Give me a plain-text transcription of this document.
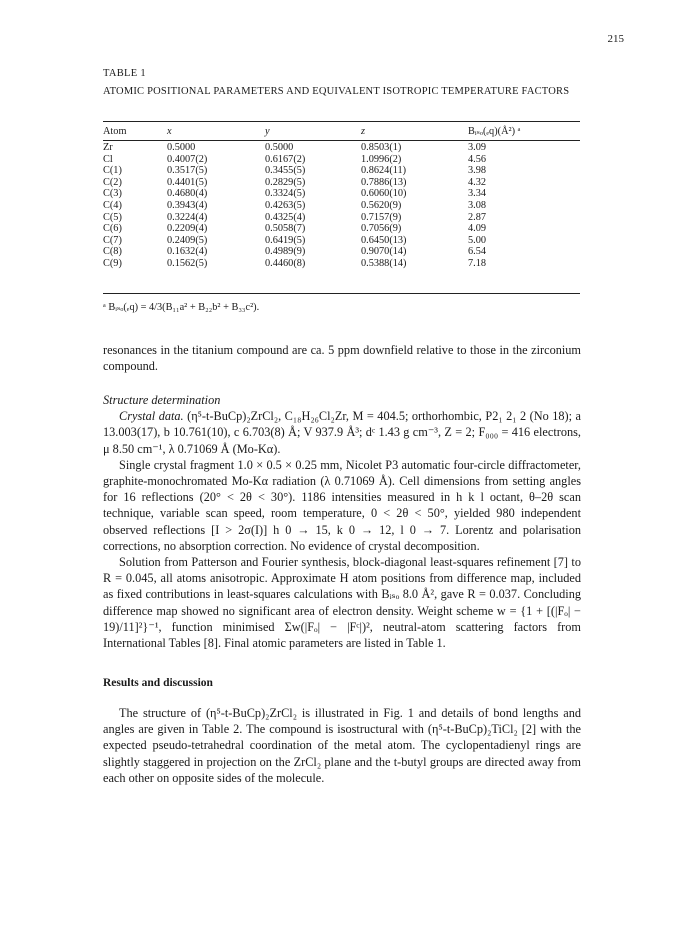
215
TABLE 1
ATOMIC POSITIONAL PARAMETERS AND EQUIVALENT ISOTROPIC TEMPERATURE FACTORS
Atom	x	y	z	Bᵢₛₒ(ₑq)(Å²) ᵃ
Zr	0.5000	0.5000	0.8503(1)	3.09
Cl	0.4007(2)	0.6167(2)	1.0996(2)	4.56
C(1)	0.3517(5)	0.3455(5)	0.8624(11)	3.98
C(2)	0.4401(5)	0.2829(5)	0.7886(13)	4.32
C(3)	0.4680(4)	0.3324(5)	0.6060(10)	3.34
C(4)	0.3943(4)	0.4263(5)	0.5620(9)	3.08
C(5)	0.3224(4)	0.4325(4)	0.7157(9)	2.87
C(6)	0.2209(4)	0.5058(7)	0.7056(9)	4.09
C(7)	0.2409(5)	0.6419(5)	0.6450(13)	5.00
C(8)	0.1632(4)	0.4989(9)	0.9070(14)	6.54
C(9)	0.1562(5)	0.4460(8)	0.5388(14)	7.18
ᵃ Bᵢₛₒ(ₑq) = 4/3(B₁₁a² + B₂₂b² + B₃₃c²).

resonances in the titanium compound are ca. 5 ppm downfield relative to those in the zirconium compound.

Structure determination

Crystal data. (η⁵-t-BuCp)₂ZrCl₂, C₁₈H₂₆Cl₂Zr, M = 404.5; orthorhombic, P2₁ 2₁ 2 (No 18); a 13.003(17), b 10.761(10), c 6.703(8) Å; V 937.9 Å³; dᶜ 1.43 g cm⁻³, Z = 2; F₀₀₀ = 416 electrons, μ 8.50 cm⁻¹, λ 0.71069 Å (Mo-Kα).

Single crystal fragment 1.0 × 0.5 × 0.25 mm, Nicolet P3 automatic four-circle diffractometer, graphite-monochromated Mo-Kα radiation (λ 0.71069 Å). Cell dimensions from setting angles for 16 reflections (20° < 2θ < 30°). 1186 intensities measured in h k l octant, θ–2θ scan technique, variable scan speed, room temperature, 0 < 2θ < 50°, yielded 980 independent observed reflections [I > 2σ(I)] h 0 → 15, k 0 → 12, l 0 → 7. Lorentz and polarisation corrections, no absorption correction. No evidence of crystal decomposition.

Solution from Patterson and Fourier synthesis, block-diagonal least-squares refinement [7] to R = 0.045, all atoms anisotropic. Approximate H atom positions from difference map, included as fixed contributions in least-squares calculations with Bᵢₛₒ 8.0 Å², gave R = 0.037. Concluding difference map showed no significant area of electron density. Weight scheme w = {1 + [(|Fₒ| − 19)/11]²}⁻¹, function minimised Σw(|Fₒ| − |Fᶜ|)², neutral-atom scattering factors from International Tables [8]. Final atomic parameters are listed in Table 1.

Results and discussion

The structure of (η⁵-t-BuCp)₂ZrCl₂ is illustrated in Fig. 1 and details of bond lengths and angles are given in Table 2. The compound is isostructural with (η⁵-t-BuCp)₂TiCl₂ [2] with the expected pseudo-tetrahedral coordination of the metal atom. The cyclopentadienyl rings are slightly staggered in projection on the ZrCl₂ plane and the t-butyl groups are directed away from each other on opposite sides of the molecule.
